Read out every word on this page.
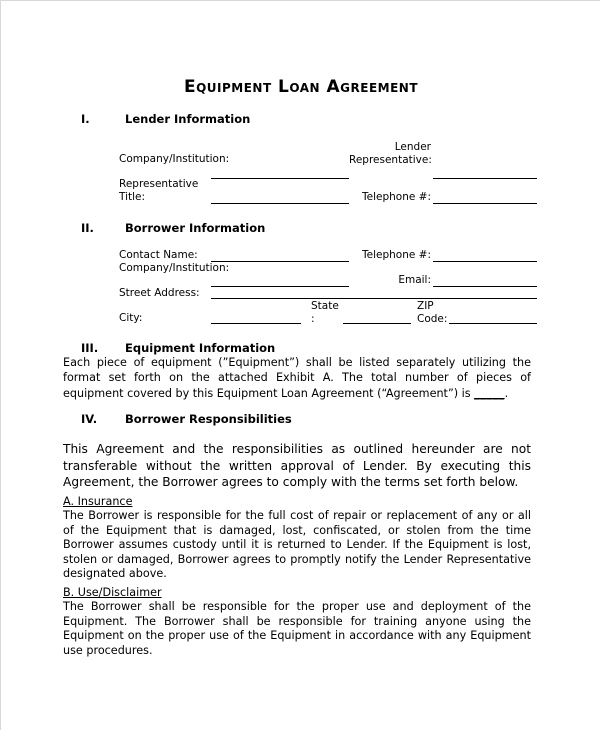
Equipment Loan Agreement
I.	Lender Information
Company/Institution:
Representative Title:
Lender Representative:
Telephone #:
II.	Borrower Information
Contact Name:
Company/Institution:
Street Address:
City:
Telephone #:
Email:
State :
ZIP Code:
III. Equipment Information
Each piece of equipment (”Equipment”) shall be listed separately utilizing the format set forth on the attached Exhibit A. The total number of pieces of equipment covered by this Equipment Loan Agreement (“Agreement”) is _____.
IV. Borrower Responsibilities
This Agreement and the responsibilities as outlined hereunder are not transferable without the written approval of Lender. By executing this Agreement, the Borrower agrees to comply with the terms set forth below.
A. Insurance
The Borrower is responsible for the full cost of repair or replacement of any or all of the Equipment that is damaged, lost, confiscated, or stolen from the time Borrower assumes custody until it is returned to Lender. If the Equipment is lost, stolen or damaged, Borrower agrees to promptly notify the Lender Representative designated above.
B. Use/Disclaimer
The Borrower shall be responsible for the proper use and deployment of the Equipment. The Borrower shall be responsible for training anyone using the Equipment on the proper use of the Equipment in accordance with any Equipment use procedures.
